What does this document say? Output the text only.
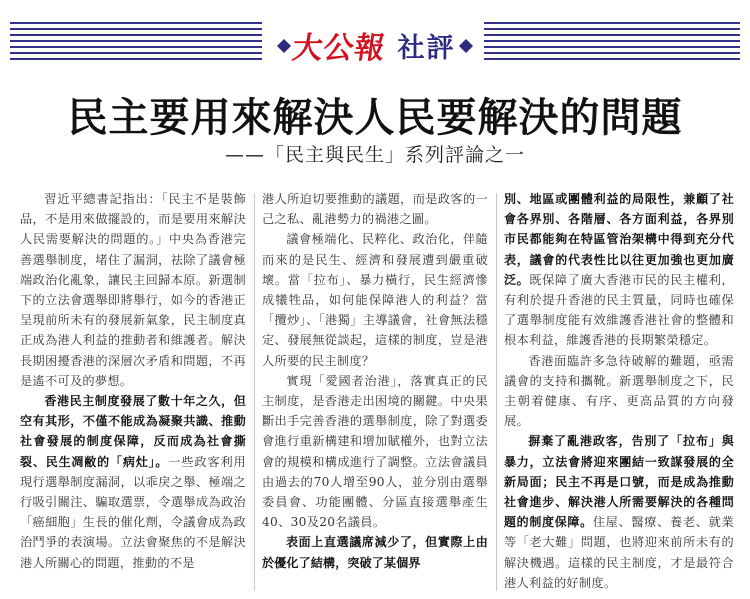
大公報 社評
民主要用來解決人民要解決的問題
——「民主與民生」系列評論之一

習近平總書記指出：「民主不是裝飾品，不是用來做擺設的，而是要用來解決人民需要解決的問題的。」中央為香港完善選舉制度，堵住了漏洞，祛除了議會極端政治化亂象，讓民主回歸本原。新選制下的立法會選舉即將舉行，如今的香港正呈現前所未有的發展新氣象，民主制度真正成為港人利益的推動者和維護者。解決長期困擾香港的深層次矛盾和問題，不再是遙不可及的夢想。

香港民主制度發展了數十年之久，但空有其形，不僅不能成為凝聚共識、推動社會發展的制度保障，反而成為社會撕裂、民生凋敝的「病灶」。一些政客利用現行選舉制度漏洞，以乖戾之舉、極端之行吸引關注、騙取選票，令選舉成為政治「癌細胞」生長的催化劑，令議會成為政治鬥爭的表演場。立法會聚焦的不是解決港人所關心的問題，推動的不是

港人所迫切要推動的議題，而是政客的一己之私、亂港勢力的禍港之圖。

議會極端化、民粹化、政治化，伴隨而來的是民生、經濟和發展遭到嚴重破壞。當「拉布」、暴力橫行，民生經濟慘成犧牲品，如何能保障港人的利益？當「攬炒」、「港獨」主導議會，社會無法穩定、發展無從談起，這樣的制度，豈是港人所要的民主制度？

實現「愛國者治港」，落實真正的民主制度，是香港走出困境的關鍵。中央果斷出手完善香港的選舉制度，除了對選委會進行重新構建和增加賦權外，也對立法會的規模和構成進行了調整。立法會議員由過去的70人增至90人，並分別由選舉委員會、功能團體、分區直接選舉產生40、30及20名議員。

表面上直選議席減少了，但實際上由於優化了結構，突破了某個界

別、地區或團體利益的局限性，兼顧了社會各界別、各階層、各方面利益，各界別市民都能夠在特區管治架構中得到充分代表，議會的代表性比以往更加強也更加廣泛。既保障了廣大香港市民的民主權利，有利於提升香港的民主質量，同時也確保了選舉制度能有效維護香港社會的整體和根本利益，維護香港的長期繁榮穩定。

香港面臨許多急待破解的難題，亟需議會的支持和攜靴。新選舉制度之下，民主朝着健康、有序、更高品質的方向發展。

摒棄了亂港政客，告別了「拉布」與暴力，立法會將迎來團結一致謀發展的全新局面；民主不再是口號，而是成為推動社會進步、解決港人所需要解決的各種問題的制度保障。住屋、醫療、養老、就業等「老大難」問題，也將迎來前所未有的解決機遇。這樣的民主制度，才是最符合港人利益的好制度。
